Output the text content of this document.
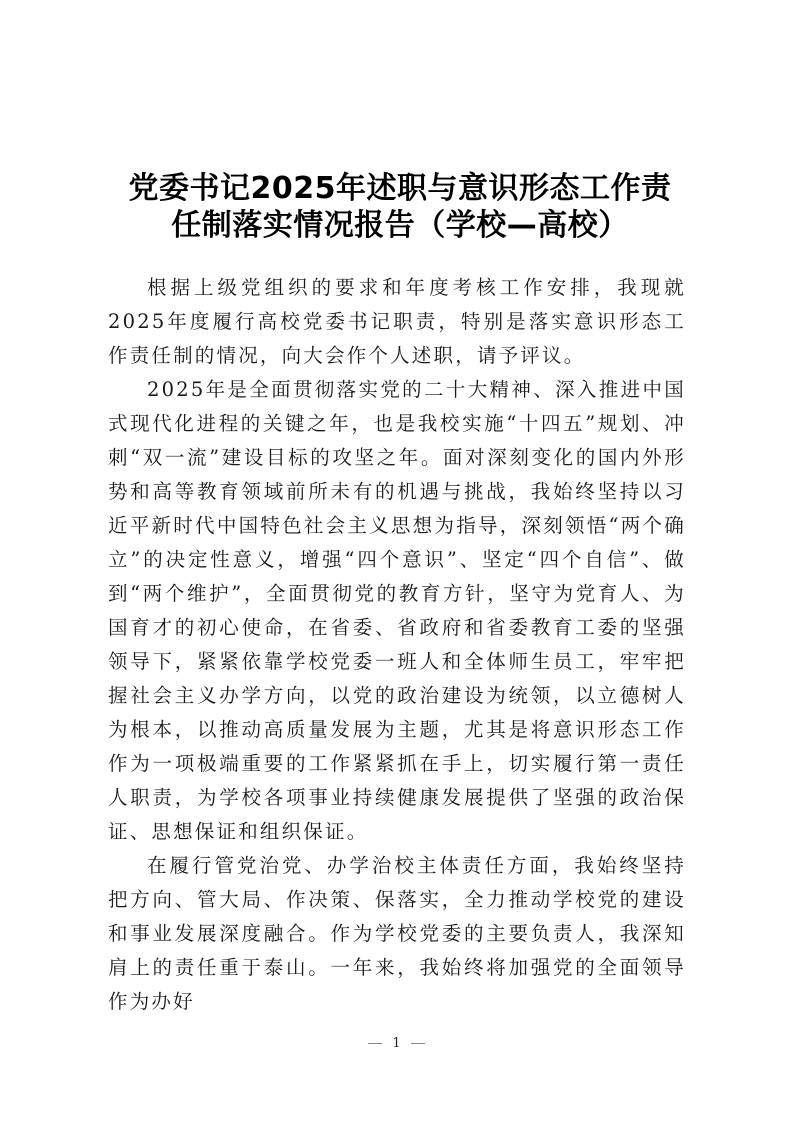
党委书记2025年述职与意识形态工作责
任制落实情况报告（学校—高校）

根据上级党组织的要求和年度考核工作安排，我现就2025年度履行高校党委书记职责，特别是落实意识形态工作责任制的情况，向大会作个人述职，请予评议。

2025年是全面贯彻落实党的二十大精神、深入推进中国式现代化进程的关键之年，也是我校实施“十四五”规划、冲刺“双一流”建设目标的攻坚之年。面对深刻变化的国内外形势和高等教育领域前所未有的机遇与挑战，我始终坚持以习近平新时代中国特色社会主义思想为指导，深刻领悟“两个确立”的决定性意义，增强“四个意识”、坚定“四个自信”、做到“两个维护”，全面贯彻党的教育方针，坚守为党育人、为国育才的初心使命，在省委、省政府和省委教育工委的坚强领导下，紧紧依靠学校党委一班人和全体师生员工，牢牢把握社会主义办学方向，以党的政治建设为统领，以立德树人为根本，以推动高质量发展为主题，尤其是将意识形态工作作为一项极端重要的工作紧紧抓在手上，切实履行第一责任人职责，为学校各项事业持续健康发展提供了坚强的政治保证、思想保证和组织保证。

在履行管党治党、办学治校主体责任方面，我始终坚持把方向、管大局、作决策、保落实，全力推动学校党的建设和事业发展深度融合。作为学校党委的主要负责人，我深知肩上的责任重于泰山。一年来，我始终将加强党的全面领导作为办好

1
